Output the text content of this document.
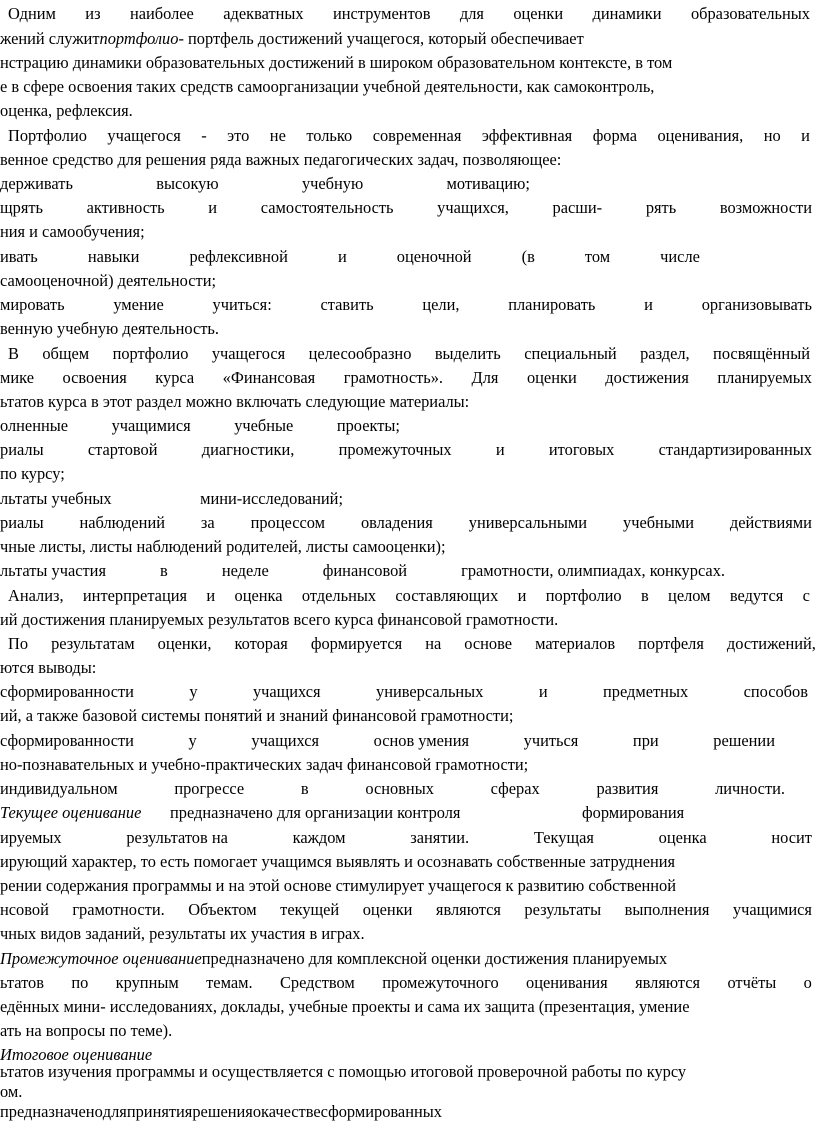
Одним из наиболее адекватных инструментов для оценки динамики образовательных
жений служитпортфолио- портфель достижений учащегося, который обеспечивает
нстрацию динамики образовательных достижений в широком образовательном контексте, в том
е в сфере освоения таких средств самоорганизации учебной деятельности, как самоконтроль,
оценка, рефлексия.
Портфолио учащегося - это не только современная эффективная форма оценивания, но и
венное средство для решения ряда важных педагогических задач, позволяющее:
держивать	высокую	учебную	мотивацию;
щрять	активность	и	самостоятельность	учащихся,	расши-	рять	возможности
ния и самообучения;
ивать	навыки	рефлексивной	и	оценочной	(в	том	числе
самооценочной) деятельности;
мировать	умение	учиться:	ставить	цели,	планировать	и	организовывать
венную учебную деятельность.
В общем портфолио учащегося целесообразно выделить специальный раздел, посвящённый
мике освоения курса «Финансовая грамотность». Для оценки достижения планируемых
ьтатов курса в этот раздел можно включать следующие материалы:
олненные	учащимися	учебные	проекты;
риалы	стартовой	диагностики,	промежуточных	и	итоговых	стандартизированных
по курсу;
льтаты учебных	мини-исследований;
риалы наблюдений за процессом овладения универсальными учебными действиями
чные листы, листы наблюдений родителей, листы самооценки);
льтаты участия	в	неделе	финансовой	грамотности, олимпиадах, конкурсах.
Анализ, интерпретация и оценка отдельных составляющих и портфолио в целом ведутся с
ий достижения планируемых результатов всего курса финансовой грамотности.
По результатам оценки, которая формируется на основе материалов портфеля достижений,
ются выводы:
сформированности	у	учащихся	универсальных	и	предметных	способов
ий, а также базовой системы понятий и знаний финансовой грамотности;
сформированности	у	учащихся	основ умения	учиться	при	решении
но-познавательных и учебно-практических задач финансовой грамотности;
индивидуальном	прогрессе	в	основных	сферах	развития	личности.
Текущее оценивание предназначено для организации контроля	формирования
ируемых	результатов на	каждом	занятии.	Текущая	оценка	носит
ирующий характер, то есть помогает учащимся выявлять и осознавать собственные затруднения
рении содержания программы и на этой основе стимулирует учащегося к развитию собственной
нсовой грамотности. Объектом текущей оценки являются результаты выполнения учащимися
чных видов заданий, результаты их участия в играх.
Промежуточное оцениваниепредназначено для комплексной оценки достижения планируемых
ьтатов по крупным темам. Средством промежуточного оценивания являются отчёты о
едённых мини- исследованиях, доклады, учебные проекты и сама их защита (презентация, умение
ать на вопросы по теме).
Итоговое оценивание
ьтатов изучения программы и осуществляется с помощью итоговой проверочной работы по курсу
ом.
предназначенодляпринятиярешенияокачествесформированных
